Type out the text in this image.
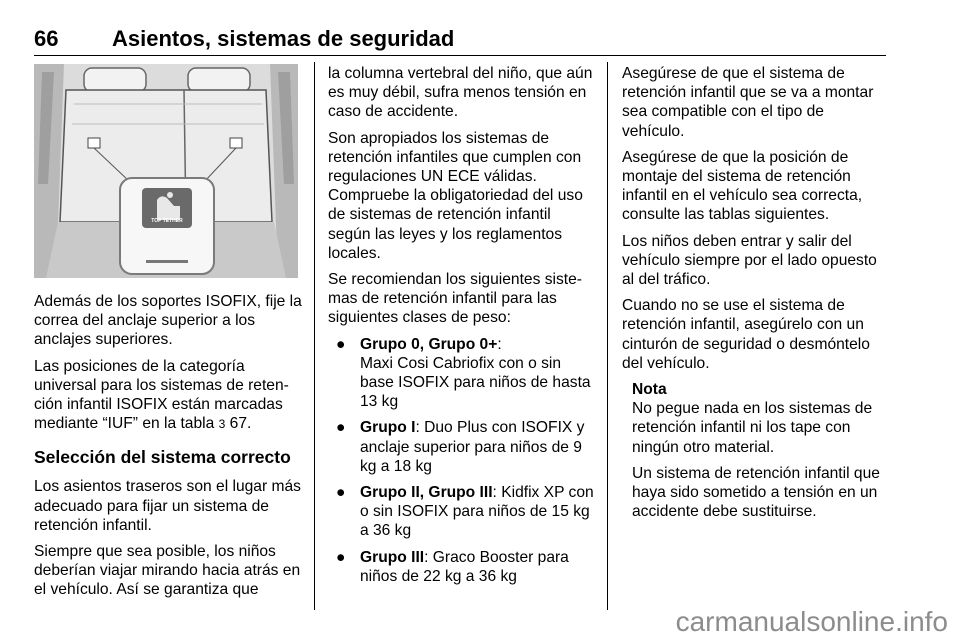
66 Asientos, sistemas de seguridad
TOP TETHER

Además de los soportes ISOFIX, fije la correa del anclaje superior a los anclajes superiores.

Las posiciones de la categoría universal para los sistemas de retención infantil ISOFIX están marcadas mediante “IUF” en la tabla 3 67.

Selección del sistema correcto

Los asientos traseros son el lugar más adecuado para fijar un sistema de retención infantil.

Siempre que sea posible, los niños deberían viajar mirando hacia atrás en el vehículo. Así se garantiza que

la columna vertebral del niño, que aún es muy débil, sufra menos tensión en caso de accidente.

Son apropiados los sistemas de retención infantiles que cumplen con regulaciones UN ECE válidas. Compruebe la obligatoriedad del uso de sistemas de retención infantil según las leyes y los reglamentos locales.

Se recomiendan los siguientes sistemas de retención infantil para las siguientes clases de peso:

● Grupo 0, Grupo 0+:
Maxi Cosi Cabriofix con o sin base ISOFIX para niños de hasta 13 kg
● Grupo I: Duo Plus con ISOFIX y anclaje superior para niños de 9 kg a 18 kg
● Grupo II, Grupo III: Kidfix XP con o sin ISOFIX para niños de 15 kg a 36 kg
● Grupo III: Graco Booster para niños de 22 kg a 36 kg

Asegúrese de que el sistema de retención infantil que se va a montar sea compatible con el tipo de vehículo.

Asegúrese de que la posición de montaje del sistema de retención infantil en el vehículo sea correcta, consulte las tablas siguientes.

Los niños deben entrar y salir del vehículo siempre por el lado opuesto al del tráfico.

Cuando no se use el sistema de retención infantil, asegúrelo con un cinturón de seguridad o desmóntelo del vehículo.

Nota

No pegue nada en los sistemas de retención infantil ni los tape con ningún otro material.

Un sistema de retención infantil que haya sido sometido a tensión en un accidente debe sustituirse.

carmanualsonline.info
